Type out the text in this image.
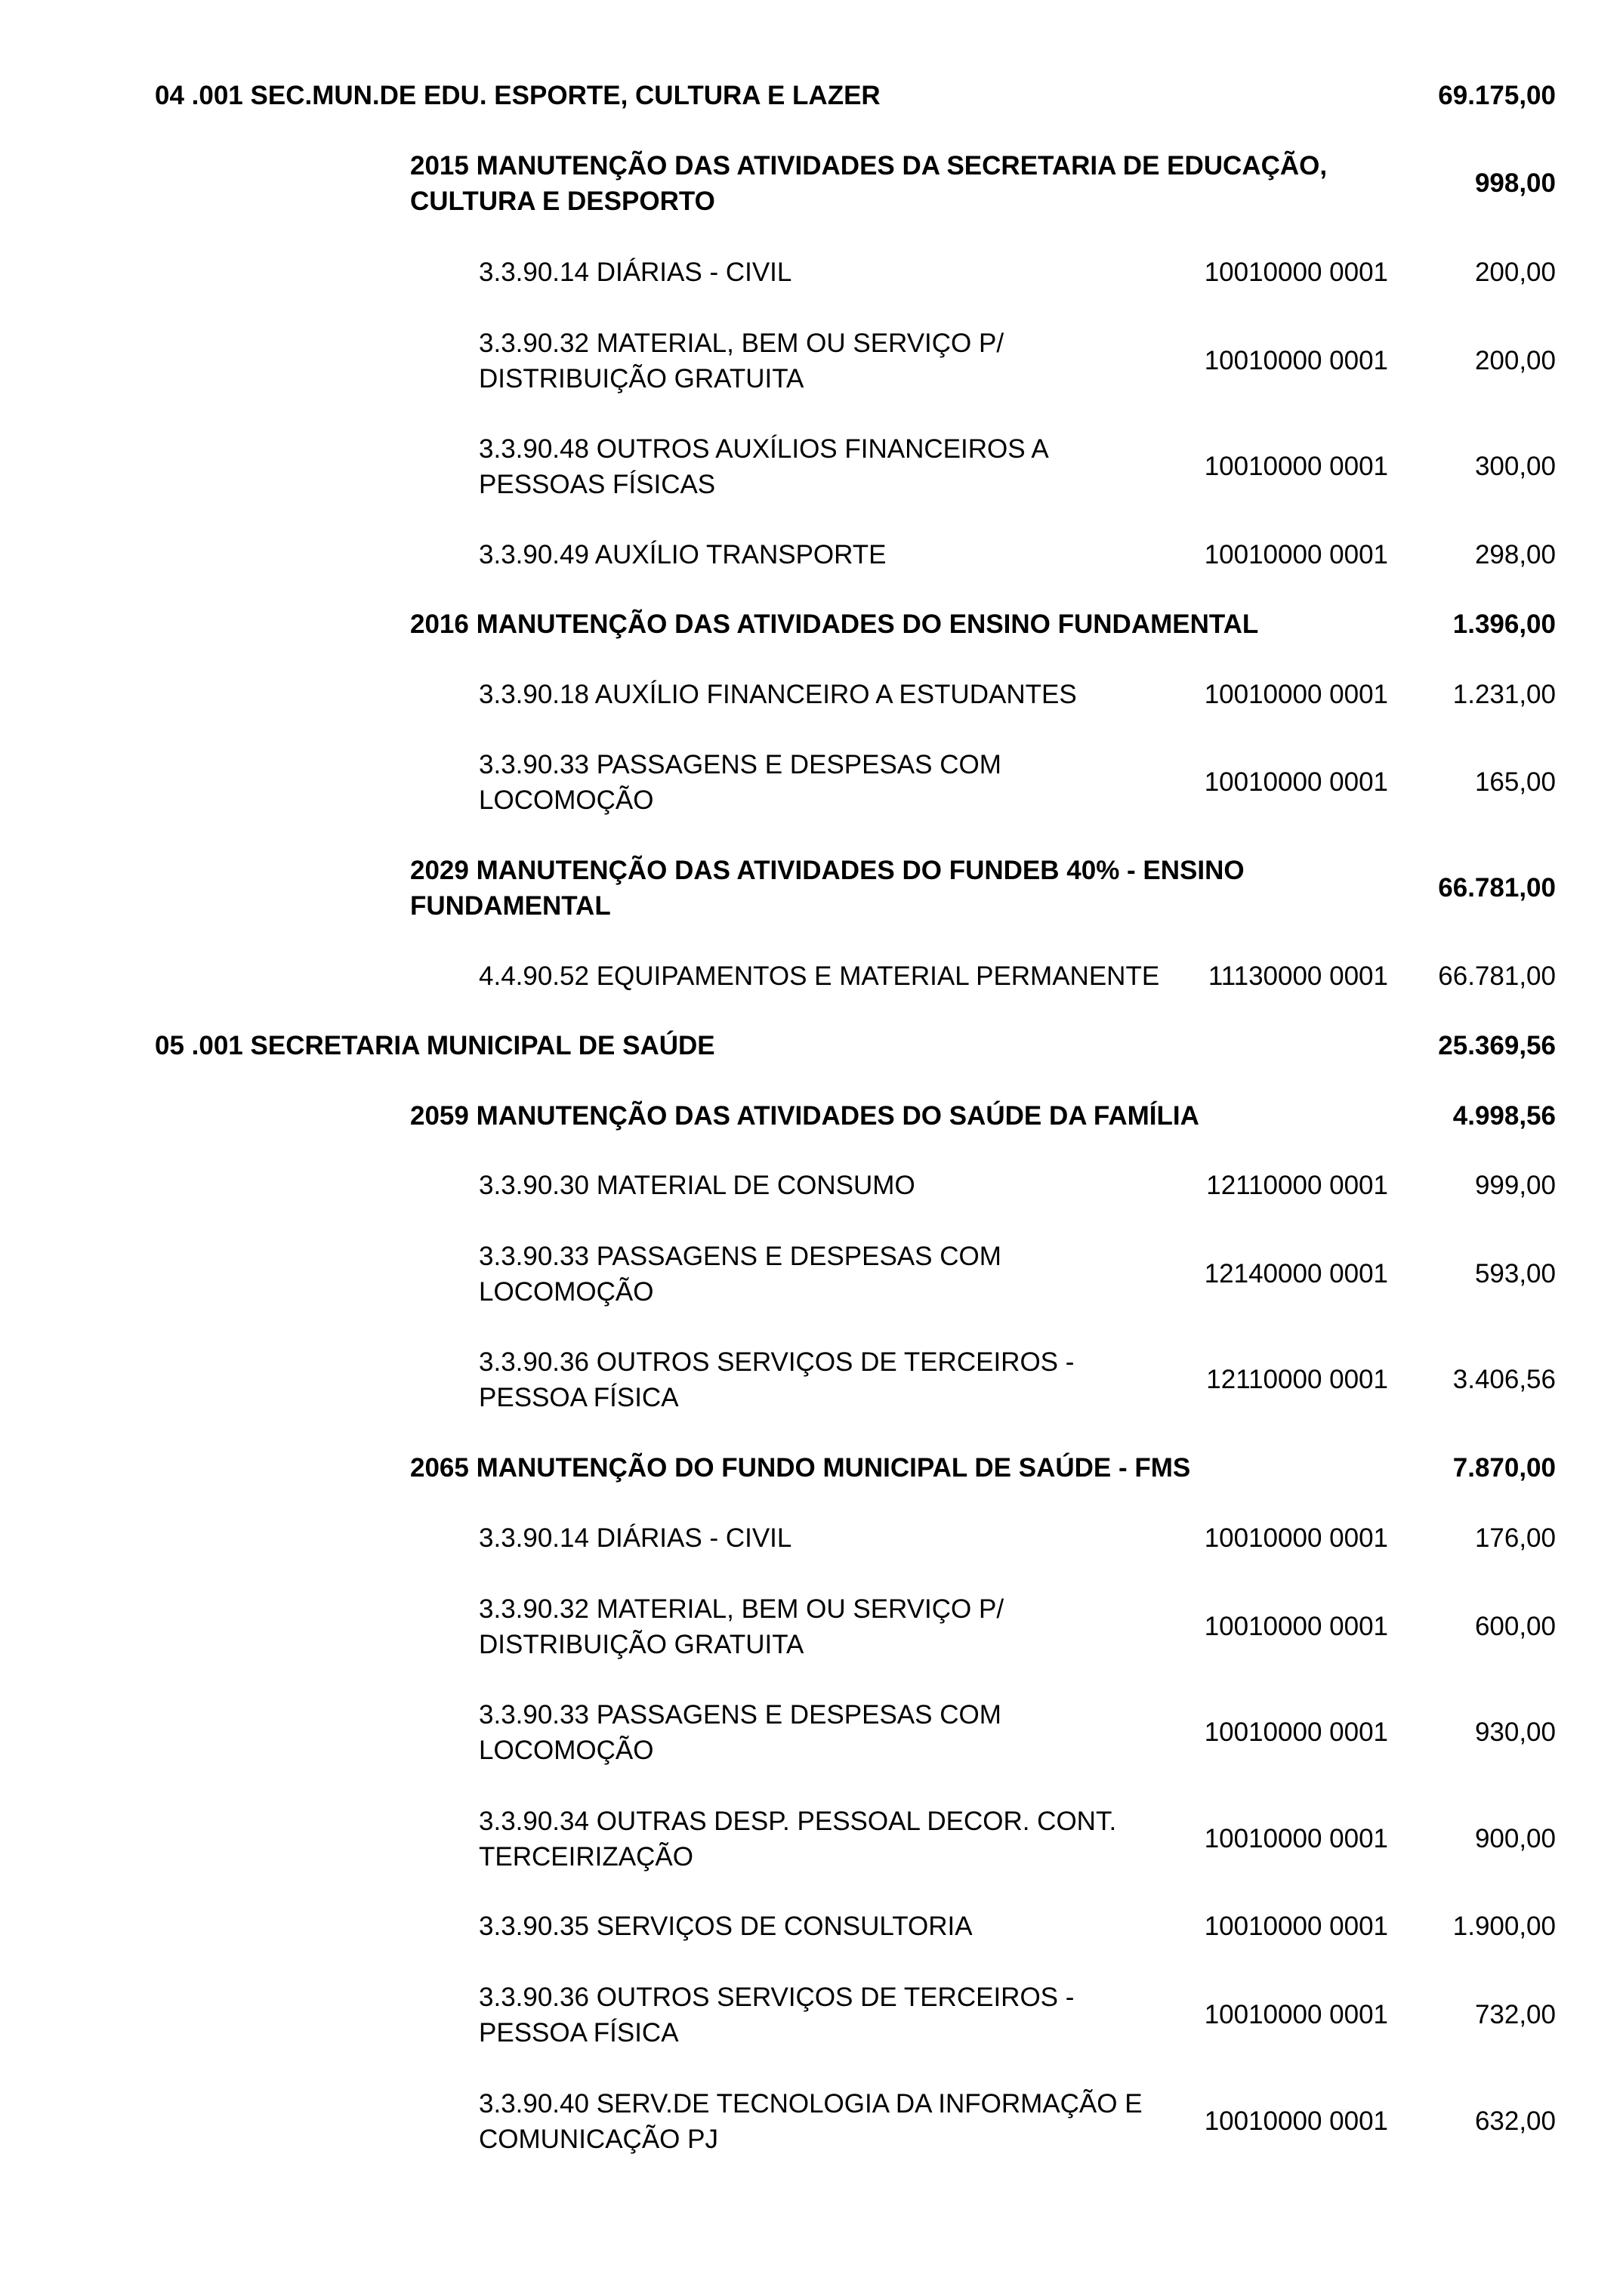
04 .001 SEC.MUN.DE EDU. ESPORTE, CULTURA E LAZER	69.175,00
2015 MANUTENÇÃO DAS ATIVIDADES DA SECRETARIA DE EDUCAÇÃO,
CULTURA E DESPORTO
998,00
3.3.90.14 DIÁRIAS - CIVIL	10010000 0001	200,00
3.3.90.32 MATERIAL, BEM OU SERVIÇO P/
DISTRIBUIÇÃO GRATUITA
10010000 0001	200,00
3.3.90.48 OUTROS AUXÍLIOS FINANCEIROS A
PESSOAS FÍSICAS
10010000 0001	300,00
3.3.90.49 AUXÍLIO TRANSPORTE	10010000 0001	298,00
2016 MANUTENÇÃO DAS ATIVIDADES DO ENSINO FUNDAMENTAL	1.396,00
3.3.90.18 AUXÍLIO FINANCEIRO A ESTUDANTES	10010000 0001	1.231,00
3.3.90.33 PASSAGENS E DESPESAS COM
LOCOMOÇÃO
10010000 0001	165,00
2029 MANUTENÇÃO DAS ATIVIDADES DO FUNDEB 40% - ENSINO
FUNDAMENTAL
66.781,00
4.4.90.52 EQUIPAMENTOS E MATERIAL PERMANENTE	11130000 0001	66.781,00
05 .001 SECRETARIA MUNICIPAL DE SAÚDE	25.369,56
2059 MANUTENÇÃO DAS ATIVIDADES DO SAÚDE DA FAMÍLIA	4.998,56
3.3.90.30 MATERIAL DE CONSUMO	12110000 0001	999,00
3.3.90.33 PASSAGENS E DESPESAS COM
LOCOMOÇÃO
12140000 0001	593,00
3.3.90.36 OUTROS SERVIÇOS DE TERCEIROS -
PESSOA FÍSICA
12110000 0001	3.406,56
2065 MANUTENÇÃO DO FUNDO MUNICIPAL DE SAÚDE - FMS	7.870,00
3.3.90.14 DIÁRIAS - CIVIL	10010000 0001	176,00
3.3.90.32 MATERIAL, BEM OU SERVIÇO P/
DISTRIBUIÇÃO GRATUITA
10010000 0001	600,00
3.3.90.33 PASSAGENS E DESPESAS COM
LOCOMOÇÃO
10010000 0001	930,00
3.3.90.34 OUTRAS DESP. PESSOAL DECOR. CONT.
TERCEIRIZAÇÃO
10010000 0001	900,00
3.3.90.35 SERVIÇOS DE CONSULTORIA	10010000 0001	1.900,00
3.3.90.36 OUTROS SERVIÇOS DE TERCEIROS -
PESSOA FÍSICA
10010000 0001	732,00
3.3.90.40 SERV.DE TECNOLOGIA DA INFORMAÇÃO E
COMUNICAÇÃO PJ
10010000 0001	632,00
